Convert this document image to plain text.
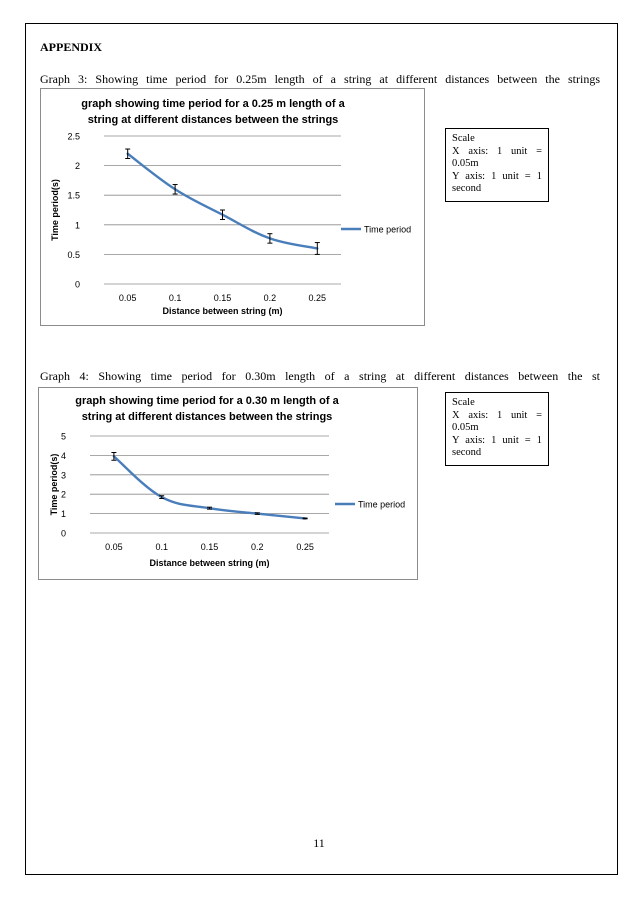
APPENDIX
Graph 3: Showing time period for 0.25m length of a string at different distances between the strings
graph showing time period for a 0.25 m length of a
string at different distances between the strings
0
0.5
1
1.5
2
2.5
0.05	0.1	0.15	0.2	0.25
Distance between string (m)
Time period(s)	Time period
Scale
X axis: 1 unit =
0.05m
Y axis: 1 unit = 1
second
Graph 4: Showing time period for 0.30m length of a string at different distances between the st
graph showing time period for a 0.30 m length of a
string at different distances between the strings
0
1
2
3
4
5
0.05	0.1	0.15	0.2	0.25
Distance between string (m)
Time period(s)	Time period
Scale
X axis: 1 unit =
0.05m
Y axis: 1 unit = 1
second
11
